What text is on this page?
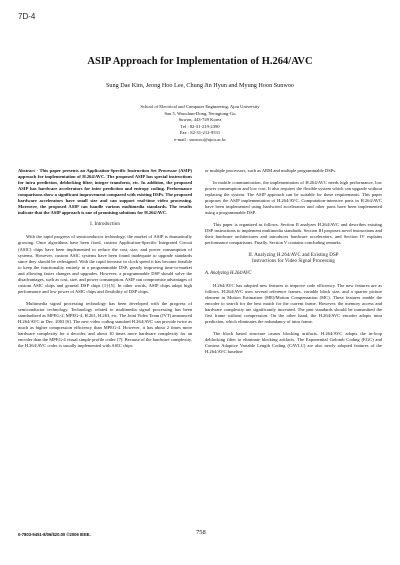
7D-4
ASIP Approach for Implementation of H.264/AVC
Sung Dae Kim, Jeong Hoo Lee, Chung Jin Hyun and Myung Hoon Sunwoo
School of Electrical and Computer Engineering, Ajou University
San 5, Wonchun-Dong, Yeongtong-Gu
Suwon, 443-749 Korea
Tel : 82-31-219-2390
Fax : 82-31-212-9531
e-mail : sunwoo@ajou.ac.kr

Abstract - This paper presents an Application-Specific Instruction Set Processor (ASIP) approach for implementation of H.264/AVC. The proposed ASIP has special instructions for intra prediction, deblocking filter, integer transform, etc. In addition, the proposed ASIP has hardware accelerators for inter prediction and entropy coding. Performance comparisons show a significant improvement compared with existing DSPs. The proposed hardware accelerators have small size and can support real-time video processing. Moreover, the proposed ASIP can handle various multimedia standards. The results indicate that the ASIP approach is one of promising solutions for H.264/AVC.

I. Introduction

With the rapid progress of semiconductor technology, the market of ASIP is dramatically growing. Once algorithms have been fixed, custom Application-Specific Integrated Circuit (ASIC) chips have been implemented to reduce the cost, size, and power consumption of systems. However, custom ASIC systems have been found inadequate to upgrade standards since they should be redesigned. With the rapid increase in clock speed it has become feasible to keep the functionality entirely in a programmable DSP, greatly improving time-to-market and allowing faster changes and upgrades. However, a programmable DSP should solve the disadvantages, such as cost, size, and power consumption. ASIP can compromise advantages of custom ASIC chips and general DSP chips [1]-[5]. In other words, ASIP chips adopt high performance and low power of ASIC chips and flexibility of DSP chips.

Multimedia signal processing technology has been developed with the progress of semiconductor technology. Technology related to multimedia signal processing has been standardized as MPEG-2, MPEG-4, H.261, H.263, etc. The Joint Video Team (JVT) announced H.264/AVC in Dec. 2003 [6]. The new video coding standard H.264/AVC can provide twice as much as higher compression efficiency than MPEG-4. However, it has about 2 times more hardware complexity for a decoder, and about 10 times more hardware complexity for an encoder than the MPEG-4 visual simple profile codec [7]. Because of the hardware complexity, the H.264/AVC codec is usually implemented with ASIC chips

or multiple processors, such as ARM and multiple programmable DSPs.

In mobile communication, the implementation of H.264/AVC needs high performance, low power consumption and low cost. It also requires the flexible system which can upgrade without replacing the system. The ASIP approach can be suitable for these requirements. This paper proposes the ASIP implementation of H.264/AVC. Computation-intensive parts in H.264/AVC have been implemented using hardwired accelerators and other parts have been implemented using a programmable DSP.

This paper is organized as follows. Section II analyzes H.264/AVC and describes existing DSP instructions to implement multimedia standards. Section III proposes novel instructions and their hardware architectures and introduces hardware accelerators, and Section IV explains performance comparisons. Finally, Section V contains concluding remarks.

II. Analyzing H.264/AVC and Existing DSP
Instructions for Video Signal Processing

A. Analyzing H.264/AVC

H.264/AVC has adopted new features to improve code efficiency. The new features are as follows. H.264/AVC uses several reference frames, variable block size, and a quarter picture element in Motion Estimation (ME)/Motion Compensation (MC). These features enable the encoder to search for the best match for the current frame. However, the memory access and hardware complexity are significantly increased. The past standards should be transmitted the first frame without compression. On the other hand, the H.264/AVC encoder adopts intra prediction, which eliminates the redundancy of intra frame.

The block based structure causes blocking artifacts. H.264/AVC adopts the in-loop deblocking filter to eliminate blocking artifacts. The Exponential Golomb Coding (EGC) and Context Adaptive Variable Length Coding (CAVLC) are also newly adopted features of the H.264/AVC baseline

0-7803-9451-8/06/$20.00 ©2006 IEEE.	758
